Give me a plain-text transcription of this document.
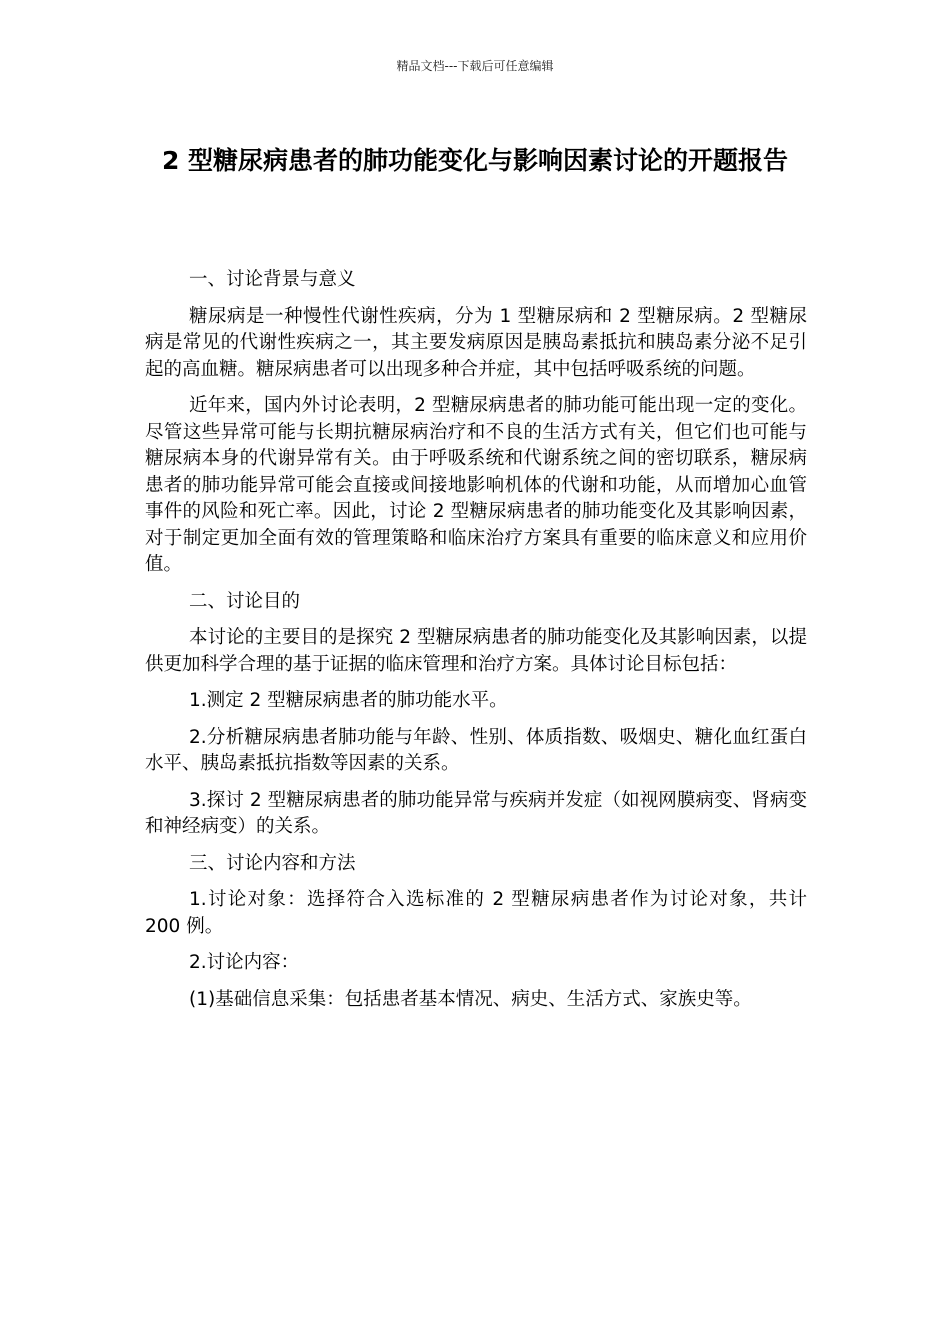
精品文档---下载后可任意编辑
2 型糖尿病患者的肺功能变化与影响因素讨论的开题报告

一、讨论背景与意义

糖尿病是一种慢性代谢性疾病，分为 1 型糖尿病和 2 型糖尿病。2 型糖尿病是常见的代谢性疾病之一，其主要发病原因是胰岛素抵抗和胰岛素分泌不足引起的高血糖。糖尿病患者可以出现多种合并症，其中包括呼吸系统的问题。

近年来，国内外讨论表明，2 型糖尿病患者的肺功能可能出现一定的变化。尽管这些异常可能与长期抗糖尿病治疗和不良的生活方式有关，但它们也可能与糖尿病本身的代谢异常有关。由于呼吸系统和代谢系统之间的密切联系，糖尿病患者的肺功能异常可能会直接或间接地影响机体的代谢和功能，从而增加心血管事件的风险和死亡率。因此，讨论 2 型糖尿病患者的肺功能变化及其影响因素，对于制定更加全面有效的管理策略和临床治疗方案具有重要的临床意义和应用价值。

二、讨论目的

本讨论的主要目的是探究 2 型糖尿病患者的肺功能变化及其影响因素，以提供更加科学合理的基于证据的临床管理和治疗方案。具体讨论目标包括：

1.测定 2 型糖尿病患者的肺功能水平。

2.分析糖尿病患者肺功能与年龄、性别、体质指数、吸烟史、糖化血红蛋白水平、胰岛素抵抗指数等因素的关系。

3.探讨 2 型糖尿病患者的肺功能异常与疾病并发症（如视网膜病变、肾病变和神经病变）的关系。

三、讨论内容和方法

1.讨论对象：选择符合入选标准的 2 型糖尿病患者作为讨论对象，共计 200 例。

2.讨论内容：

(1)基础信息采集：包括患者基本情况、病史、生活方式、家族史等。
